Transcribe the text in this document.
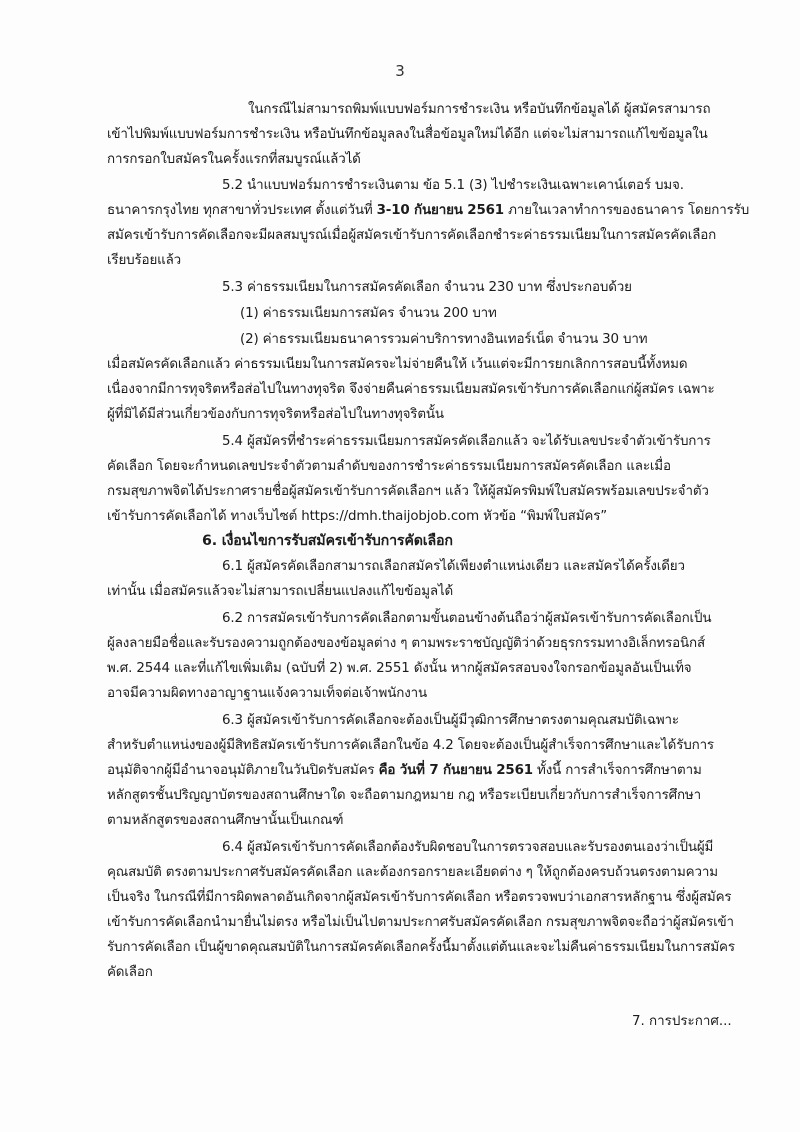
3
ในกรณีไม่สามารถพิมพ์แบบฟอร์มการชำระเงิน หรือบันทึกข้อมูลได้ ผู้สมัครสามารถ
เข้าไปพิมพ์แบบฟอร์มการชำระเงิน หรือบันทึกข้อมูลลงในสื่อข้อมูลใหม่ได้อีก แต่จะไม่สามารถแก้ไขข้อมูลใน
การกรอกใบสมัครในครั้งแรกที่สมบูรณ์แล้วได้
5.2 นำแบบฟอร์มการชำระเงินตาม ข้อ 5.1 (3) ไปชำระเงินเฉพาะเคาน์เตอร์ บมจ.
ธนาคารกรุงไทย ทุกสาขาทั่วประเทศ ตั้งแต่วันที่ 3-10 กันยายน 2561 ภายในเวลาทำการของธนาคาร โดยการรับ
สมัครเข้ารับการคัดเลือกจะมีผลสมบูรณ์เมื่อผู้สมัครเข้ารับการคัดเลือกชำระค่าธรรมเนียมในการสมัครคัดเลือก
เรียบร้อยแล้ว
5.3 ค่าธรรมเนียมในการสมัครคัดเลือก จำนวน 230 บาท ซึ่งประกอบด้วย
(1) ค่าธรรมเนียมการสมัคร จำนวน 200 บาท
(2) ค่าธรรมเนียมธนาคารรวมค่าบริการทางอินเทอร์เน็ต จำนวน 30 บาท
เมื่อสมัครคัดเลือกแล้ว ค่าธรรมเนียมในการสมัครจะไม่จ่ายคืนให้ เว้นแต่จะมีการยกเลิกการสอบนี้ทั้งหมด
เนื่องจากมีการทุจริตหรือส่อไปในทางทุจริต จึงจ่ายคืนค่าธรรมเนียมสมัครเข้ารับการคัดเลือกแก่ผู้สมัคร เฉพาะ
ผู้ที่มิได้มีส่วนเกี่ยวข้องกับการทุจริตหรือส่อไปในทางทุจริตนั้น
5.4 ผู้สมัครที่ชำระค่าธรรมเนียมการสมัครคัดเลือกแล้ว จะได้รับเลขประจำตัวเข้ารับการ
คัดเลือก โดยจะกำหนดเลขประจำตัวตามลำดับของการชำระค่าธรรมเนียมการสมัครคัดเลือก และเมื่อ
กรมสุขภาพจิตได้ประกาศรายชื่อผู้สมัครเข้ารับการคัดเลือกฯ แล้ว ให้ผู้สมัครพิมพ์ใบสมัครพร้อมเลขประจำตัว
เข้ารับการคัดเลือกได้ ทางเว็บไซต์ https://dmh.thaijobjob.com หัวข้อ “พิมพ์ใบสมัคร”
6. เงื่อนไขการรับสมัครเข้ารับการคัดเลือก
6.1 ผู้สมัครคัดเลือกสามารถเลือกสมัครได้เพียงตำแหน่งเดียว และสมัครได้ครั้งเดียว
เท่านั้น เมื่อสมัครแล้วจะไม่สามารถเปลี่ยนแปลงแก้ไขข้อมูลได้
6.2 การสมัครเข้ารับการคัดเลือกตามขั้นตอนข้างต้นถือว่าผู้สมัครเข้ารับการคัดเลือกเป็น
ผู้ลงลายมือชื่อและรับรองความถูกต้องของข้อมูลต่าง ๆ ตามพระราชบัญญัติว่าด้วยธุรกรรมทางอิเล็กทรอนิกส์
พ.ศ. 2544 และที่แก้ไขเพิ่มเติม (ฉบับที่ 2) พ.ศ. 2551 ดังนั้น หากผู้สมัครสอบจงใจกรอกข้อมูลอันเป็นเท็จ
อาจมีความผิดทางอาญาฐานแจ้งความเท็จต่อเจ้าพนักงาน
6.3 ผู้สมัครเข้ารับการคัดเลือกจะต้องเป็นผู้มีวุฒิการศึกษาตรงตามคุณสมบัติเฉพาะ
สำหรับตำแหน่งของผู้มีสิทธิสมัครเข้ารับการคัดเลือกในข้อ 4.2 โดยจะต้องเป็นผู้สำเร็จการศึกษาและได้รับการ
อนุมัติจากผู้มีอำนาจอนุมัติภายในวันปิดรับสมัคร คือ วันที่ 7 กันยายน 2561 ทั้งนี้ การสำเร็จการศึกษาตาม
หลักสูตรชั้นปริญญาบัตรของสถานศึกษาใด จะถือตามกฎหมาย กฎ หรือระเบียบเกี่ยวกับการสำเร็จการศึกษา
ตามหลักสูตรของสถานศึกษานั้นเป็นเกณฑ์
6.4 ผู้สมัครเข้ารับการคัดเลือกต้องรับผิดชอบในการตรวจสอบและรับรองตนเองว่าเป็นผู้มี
คุณสมบัติ ตรงตามประกาศรับสมัครคัดเลือก และต้องกรอกรายละเอียดต่าง ๆ ให้ถูกต้องครบถ้วนตรงตามความ
เป็นจริง ในกรณีที่มีการผิดพลาดอันเกิดจากผู้สมัครเข้ารับการคัดเลือก หรือตรวจพบว่าเอกสารหลักฐาน ซึ่งผู้สมัคร
เข้ารับการคัดเลือกนำมายื่นไม่ตรง หรือไม่เป็นไปตามประกาศรับสมัครคัดเลือก กรมสุขภาพจิตจะถือว่าผู้สมัครเข้า
รับการคัดเลือก เป็นผู้ขาดคุณสมบัติในการสมัครคัดเลือกครั้งนี้มาตั้งแต่ต้นและจะไม่คืนค่าธรรมเนียมในการสมัคร
คัดเลือก
7. การประกาศ...
